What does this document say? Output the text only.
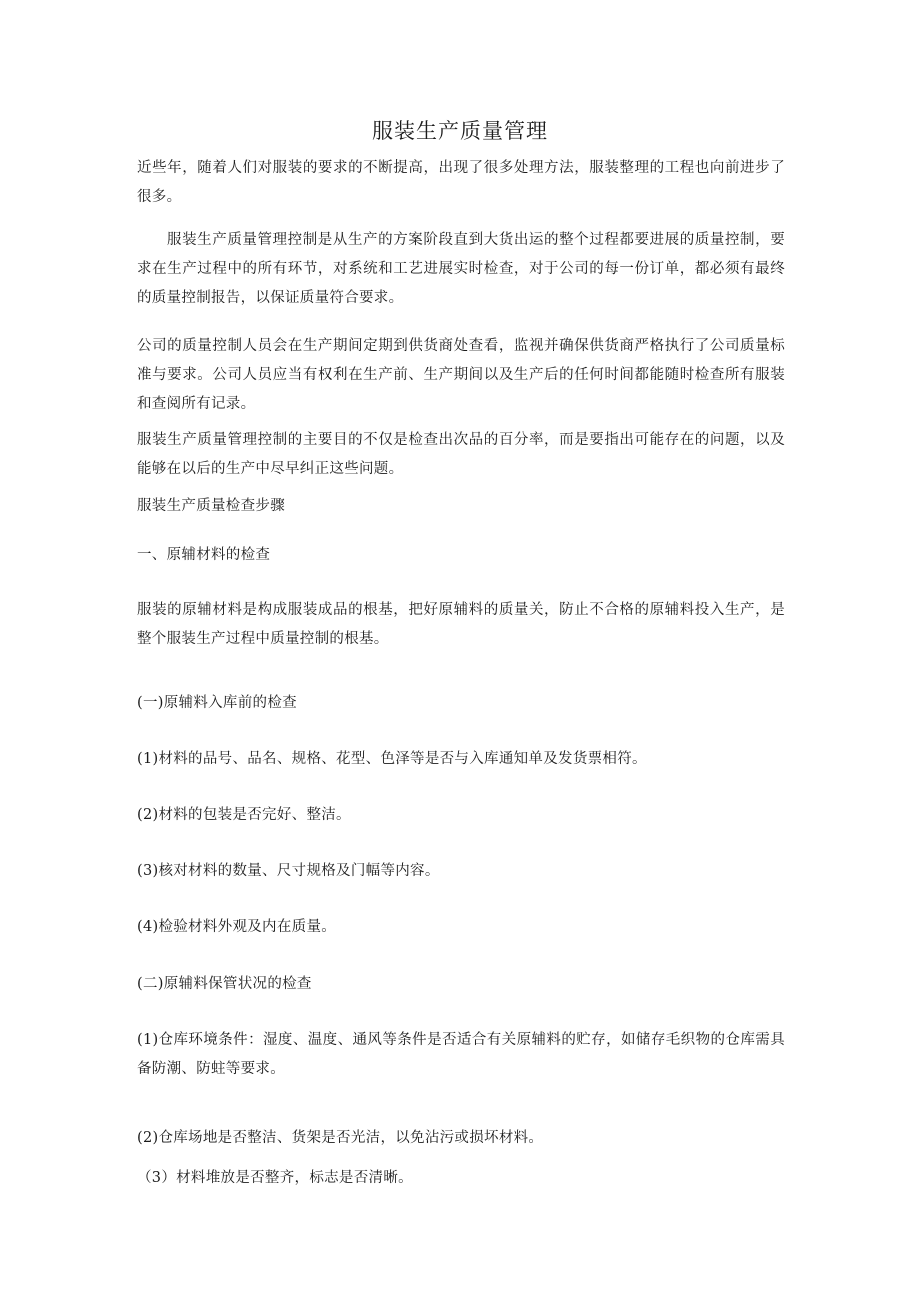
服装生产质量管理
近些年，随着人们对服装的要求的不断提高，出现了很多处理方法，服装整理的工程也向前进步了很多。
服装生产质量管理控制是从生产的方案阶段直到大货出运的整个过程都要进展的质量控制，要求在生产过程中的所有环节，对系统和工艺进展实时检查，对于公司的每一份订单，都必须有最终的质量控制报告，以保证质量符合要求。
公司的质量控制人员会在生产期间定期到供货商处查看，监视并确保供货商严格执行了公司质量标准与要求。公司人员应当有权利在生产前、生产期间以及生产后的任何时间都能随时检查所有服装和查阅所有记录。
服装生产质量管理控制的主要目的不仅是检查出次品的百分率，而是要指出可能存在的问题，以及能够在以后的生产中尽早纠正这些问题。
服装生产质量检查步骤
一、原辅材料的检查
服装的原辅材料是构成服装成品的根基，把好原辅料的质量关，防止不合格的原辅料投入生产，是整个服装生产过程中质量控制的根基。
(一)原辅料入库前的检查
(1)材料的品号、品名、规格、花型、色泽等是否与入库通知单及发货票相符。
(2)材料的包装是否完好、整洁。
(3)核对材料的数量、尺寸规格及门幅等内容。
(4)检验材料外观及内在质量。
(二)原辅料保管状况的检查
(1)仓库环境条件：湿度、温度、通风等条件是否适合有关原辅料的贮存，如储存毛织物的仓库需具备防潮、防蛀等要求。
(2)仓库场地是否整洁、货架是否光洁，以免沾污或损坏材料。
（3）材料堆放是否整齐，标志是否清晰。
